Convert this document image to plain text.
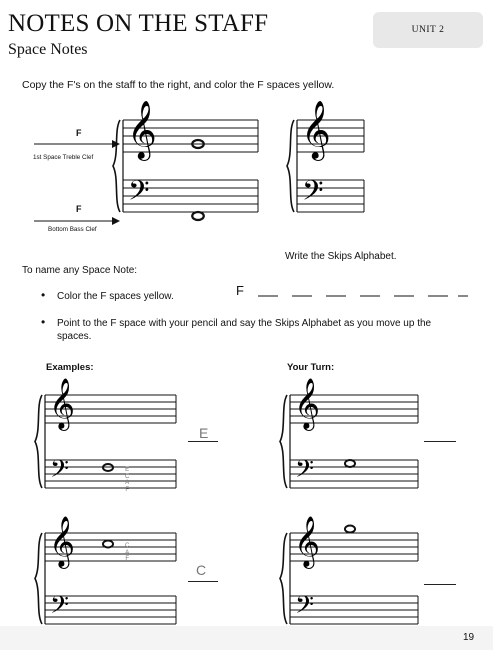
NOTES ON THE STAFF
Space Notes
UNIT 2
Copy the F's on the staff to the right, and color the F spaces yellow.
F
1st Space Treble Clef
F
Bottom Bass Clef
𝄞
𝄢
𝄞
𝄢
𝄞
𝄢
𝄞
𝄢
𝄞
𝄢
𝄞
𝄢
Write the Skips Alphabet.
To name any Space Note:
F
• Color the F spaces yellow.
• Point to the F space with your pencil and say the Skips Alphabet as you move up the spaces.
Examples:	Your Turn:
E
C
E
C
A
F
C
A
F
19
